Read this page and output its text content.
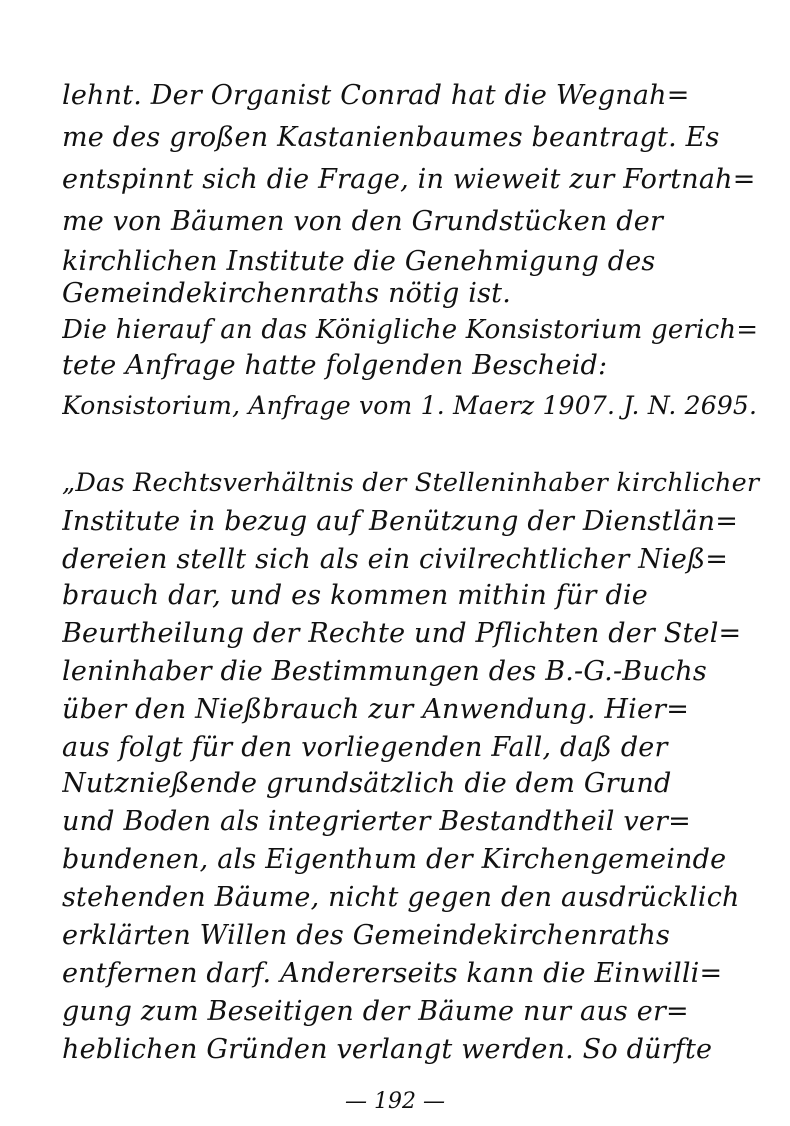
lehnt. Der Organist Conrad hat die Wegnah=
me des großen Kastanienbaumes beantragt. Es
entspinnt sich die Frage, in wieweit zur Fortnah=
me von Bäumen von den Grundstücken der
kirchlichen Institute die Genehmigung des
Gemeindekirchenraths nötig ist.
Die hierauf an das Königliche Konsistorium gerich=
tete Anfrage hatte folgenden Bescheid:
Konsistorium, Anfrage vom 1. Maerz 1907. J. N. 2695.
„Das Rechtsverhältnis der Stelleninhaber kirchlicher
Institute in bezug auf Benützung der Dienstlän=
dereien stellt sich als ein civilrechtlicher Nieß=
brauch dar, und es kommen mithin für die
Beurtheilung der Rechte und Pflichten der Stel=
leninhaber die Bestimmungen des B.-G.-Buchs
über den Nießbrauch zur Anwendung. Hier=
aus folgt für den vorliegenden Fall, daß der
Nutznießende grundsätzlich die dem Grund
und Boden als integrierter Bestandtheil ver=
bundenen, als Eigenthum der Kirchengemeinde
stehenden Bäume, nicht gegen den ausdrücklich
erklärten Willen des Gemeindekirchenraths
entfernen darf. Andererseits kann die Einwilli=
gung zum Beseitigen der Bäume nur aus er=
heblichen Gründen verlangt werden. So dürfte
— 192 —
